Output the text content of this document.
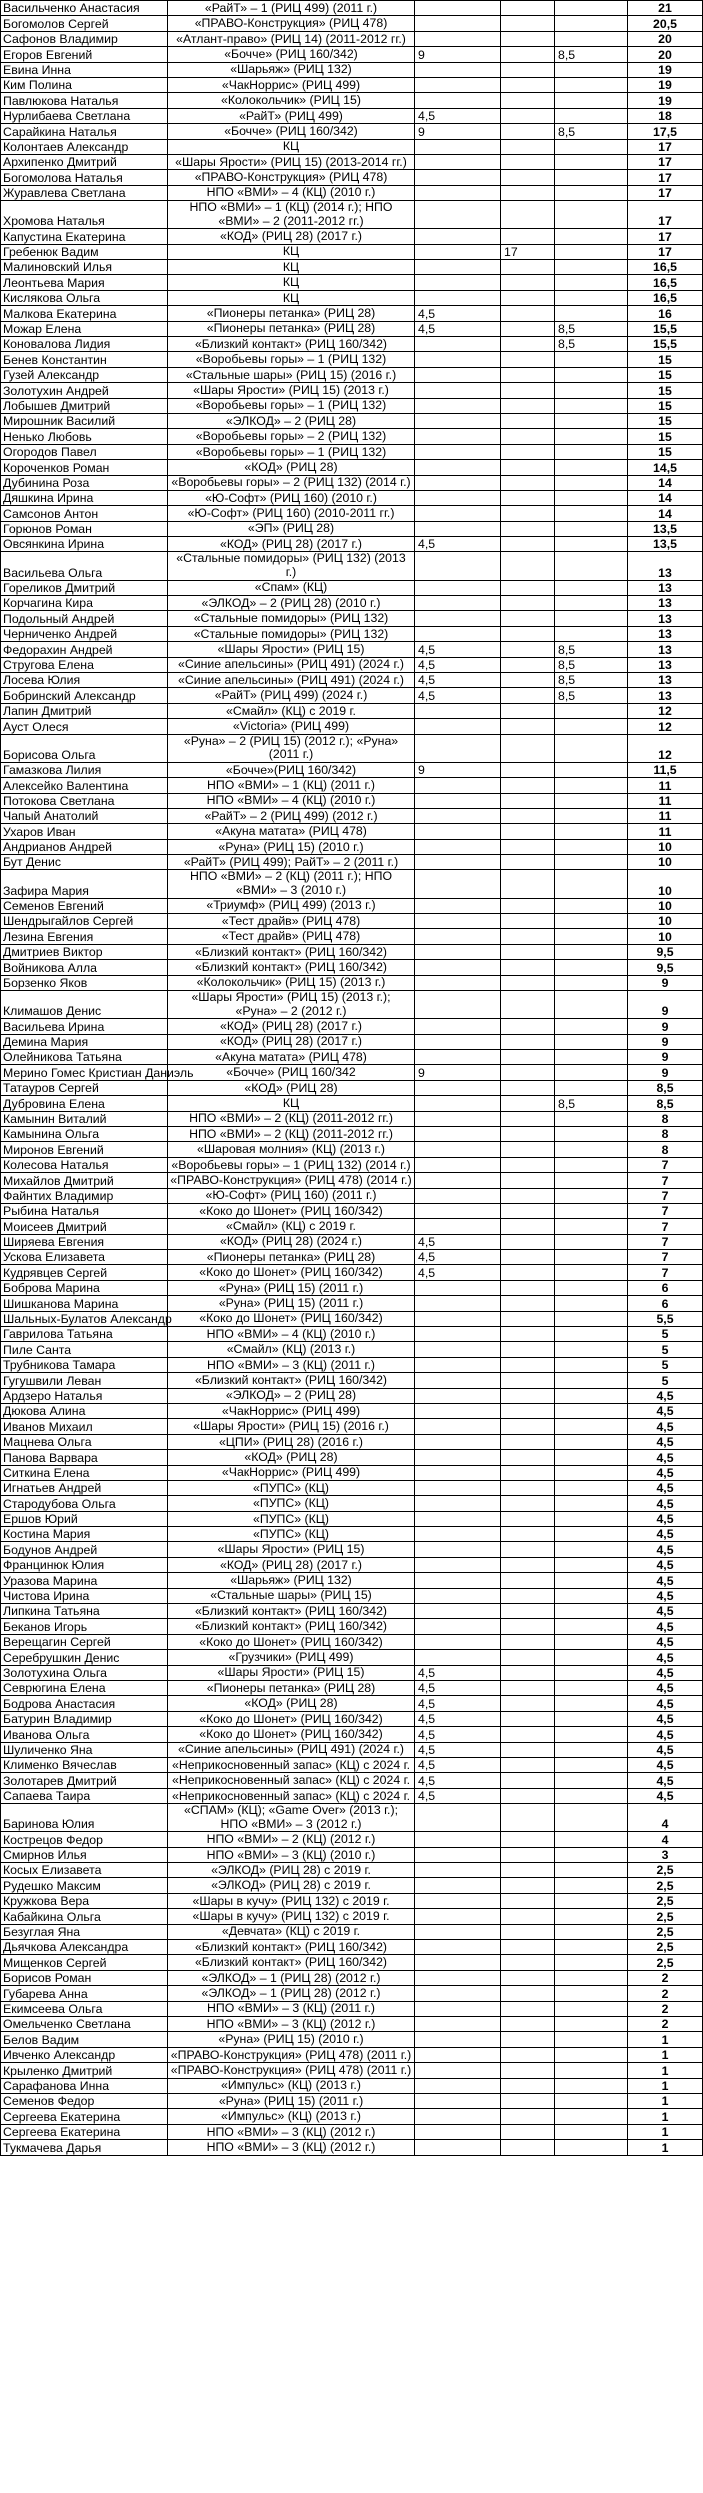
Васильченко Анастасия	«РайТ» – 1 (РИЦ 499) (2011 г.)				21
Богомолов Сергей	«ПРАВО-Конструкция» (РИЦ 478)				20,5
Сафонов Владимир	«Атлант-право» (РИЦ 14) (2011-2012 гг.)				20
Егоров Евгений	«Бочче» (РИЦ 160/342)	9		8,5	20
Евина Инна	«Шарьяж» (РИЦ 132)				19
Ким Полина	«ЧакНоррис» (РИЦ 499)				19
Павлюкова Наталья	«Колокольчик» (РИЦ 15)				19
Нурлибаева Светлана	«РайТ» (РИЦ 499)	4,5			18
Сарайкина Наталья	«Бочче» (РИЦ 160/342)	9		8,5	17,5
Колонтаев Александр	КЦ				17
Архипенко Дмитрий	«Шары Ярости» (РИЦ 15) (2013-2014 гг.)				17
Богомолова Наталья	«ПРАВО-Конструкция» (РИЦ 478)				17
Журавлева Светлана	НПО «ВМИ» – 4 (КЦ) (2010 г.)				17
Хромова Наталья	НПО «ВМИ» – 1 (КЦ) (2014 г.); НПО «ВМИ» – 2 (2011-2012 гг.)				17
Капустина Екатерина	«КОД» (РИЦ 28) (2017 г.)				17
Гребенюк Вадим	КЦ		17		17
Малиновский Илья	КЦ				16,5
Леонтьева Мария	КЦ				16,5
Кислякова Ольга	КЦ				16,5
Малкова Екатерина	«Пионеры петанка» (РИЦ 28)	4,5			16
Можар Елена	«Пионеры петанка» (РИЦ 28)	4,5		8,5	15,5
Коновалова Лидия	«Близкий контакт» (РИЦ 160/342)			8,5	15,5
Бенев Константин	«Воробьевы горы» – 1 (РИЦ 132)				15
Гузей Александр	«Стальные шары» (РИЦ 15) (2016 г.)				15
Золотухин Андрей	«Шары Ярости» (РИЦ 15) (2013 г.)				15
Лобышев Дмитрий	«Воробьевы горы» – 1 (РИЦ 132)				15
Мирошник Василий	«ЭЛКОД» – 2 (РИЦ 28)				15
Ненько Любовь	«Воробьевы горы» – 2 (РИЦ 132)				15
Огородов Павел	«Воробьевы горы» – 1 (РИЦ 132)				15
Короченков Роман	«КОД» (РИЦ 28)				14,5
Дубинина Роза	«Воробьевы горы» – 2 (РИЦ 132) (2014 г.)				14
Дяшкина Ирина	«Ю-Софт» (РИЦ 160) (2010 г.)				14
Самсонов Антон	«Ю-Софт» (РИЦ 160) (2010-2011 гг.)				14
Горюнов Роман	«ЭП» (РИЦ 28)				13,5
Овсянкина Ирина	«КОД» (РИЦ 28) (2017 г.)	4,5			13,5
Васильева Ольга	«Стальные помидоры» (РИЦ 132) (2013 г.)				13
Гореликов Дмитрий	«Спам» (КЦ)				13
Корчагина Кира	«ЭЛКОД» – 2 (РИЦ 28) (2010 г.)				13
Подольный Андрей	«Стальные помидоры» (РИЦ 132)				13
Черниченко Андрей	«Стальные помидоры» (РИЦ 132)				13
Федорахин Андрей	«Шары Ярости» (РИЦ 15)	4,5		8,5	13
Стругова Елена	«Синие апельсины» (РИЦ 491) (2024 г.)	4,5		8,5	13
Лосева Юлия	«Синие апельсины» (РИЦ 491) (2024 г.)	4,5		8,5	13
Бобринский Александр	«РайТ» (РИЦ 499) (2024 г.)	4,5		8,5	13
Лапин Дмитрий	«Смайл» (КЦ) с 2019 г.				12
Ауст Олеся	«Victoria» (РИЦ 499)				12
Борисова Ольга	«Руна» – 2 (РИЦ 15) (2012 г.); «Руна» (2011 г.)				12
Гамазкова Лилия	«Бочче»(РИЦ 160/342)	9			11,5
Алексейко Валентина	НПО «ВМИ» – 1 (КЦ) (2011 г.)				11
Потокова Светлана	НПО «ВМИ» – 4 (КЦ) (2010 г.)				11
Чапый Анатолий	«РайТ» – 2 (РИЦ 499) (2012 г.)				11
Ухаров Иван	«Акуна матата» (РИЦ 478)				11
Андрианов Андрей	«Руна» (РИЦ 15) (2010 г.)				10
Бут Денис	«РайТ» (РИЦ 499); РайТ» – 2 (2011 г.)				10
Зафира Мария	НПО «ВМИ» – 2 (КЦ) (2011 г.); НПО «ВМИ» – 3 (2010 г.)				10
Семенов Евгений	«Триумф» (РИЦ 499) (2013 г.)				10
Шендрыгайлов Сергей	«Тест драйв» (РИЦ 478)				10
Лезина Евгения	«Тест драйв» (РИЦ 478)				10
Дмитриев Виктор	«Близкий контакт» (РИЦ 160/342)				9,5
Войникова Алла	«Близкий контакт» (РИЦ 160/342)				9,5
Борзенко Яков	«Колокольчик» (РИЦ 15) (2013 г.)				9
Климашов Денис	«Шары Ярости» (РИЦ 15) (2013 г.); «Руна» – 2 (2012 г.)				9
Васильева Ирина	«КОД» (РИЦ 28) (2017 г.)				9
Демина Мария	«КОД» (РИЦ 28) (2017 г.)				9
Олейникова Татьяна	«Акуна матата» (РИЦ 478)				9
Мерино Гомес Кристиан Даниэль	«Бочче» (РИЦ 160/342	9			9
Татауров Сергей	«КОД» (РИЦ 28)				8,5
Дубровина Елена	КЦ			8,5	8,5
Камынин Виталий	НПО «ВМИ» – 2 (КЦ) (2011-2012 гг.)				8
Камынина Ольга	НПО «ВМИ» – 2 (КЦ) (2011-2012 гг.)				8
Миронов Евгений	«Шаровая молния» (КЦ) (2013 г.)				8
Колесова Наталья	«Воробьевы горы» – 1 (РИЦ 132) (2014 г.)				7
Михайлов Дмитрий	«ПРАВО-Конструкция» (РИЦ 478) (2014 г.)				7
Файнтих Владимир	«Ю-Софт» (РИЦ 160) (2011 г.)				7
Рыбина Наталья	«Коко до Шонет» (РИЦ 160/342)				7
Моисеев Дмитрий	«Смайл» (КЦ) с 2019 г.				7
Ширяева Евгения	«КОД» (РИЦ 28) (2024 г.)	4,5			7
Ускова Елизавета	«Пионеры петанка» (РИЦ 28)	4,5			7
Кудрявцев Сергей	«Коко до Шонет» (РИЦ 160/342)	4,5			7
Боброва Марина	«Руна» (РИЦ 15) (2011 г.)				6
Шишканова Марина	«Руна» (РИЦ 15) (2011 г.)				6
Шальных-Булатов Александр	«Коко до Шонет» (РИЦ 160/342)				5,5
Гаврилова Татьяна	НПО «ВМИ» – 4 (КЦ) (2010 г.)				5
Пиле Санта	«Смайл» (КЦ) (2013 г.)				5
Трубникова Тамара	НПО «ВМИ» – 3 (КЦ) (2011 г.)				5
Гугушвили Леван	«Близкий контакт» (РИЦ 160/342)				5
Ардзеро Наталья	«ЭЛКОД» – 2 (РИЦ 28)				4,5
Дюкова Алина	«ЧакНоррис» (РИЦ 499)				4,5
Иванов Михаил	«Шары Ярости» (РИЦ 15) (2016 г.)				4,5
Мацнева Ольга	«ЦПИ» (РИЦ 28) (2016 г.)				4,5
Панова Варвара	«КОД» (РИЦ 28)				4,5
Ситкина Елена	«ЧакНоррис» (РИЦ 499)				4,5
Игнатьев Андрей	«ПУПС» (КЦ)				4,5
Стародубова Ольга	«ПУПС» (КЦ)				4,5
Ершов Юрий	«ПУПС» (КЦ)				4,5
Костина Мария	«ПУПС» (КЦ)				4,5
Бодунов Андрей	«Шары Ярости» (РИЦ 15)				4,5
Францинюк Юлия	«КОД» (РИЦ 28) (2017 г.)				4,5
Уразова Марина	«Шарьяж» (РИЦ 132)				4,5
Чистова Ирина	«Стальные шары» (РИЦ 15)				4,5
Липкина Татьяна	«Близкий контакт» (РИЦ 160/342)				4,5
Беканов Игорь	«Близкий контакт» (РИЦ 160/342)				4,5
Верещагин Сергей	«Коко до Шонет» (РИЦ 160/342)				4,5
Серебрушкин Денис	«Грузчики» (РИЦ 499)				4,5
Золотухина Ольга	«Шары Ярости» (РИЦ 15)	4,5			4,5
Севрюгина Елена	«Пионеры петанка» (РИЦ 28)	4,5			4,5
Бодрова Анастасия	«КОД» (РИЦ 28)	4,5			4,5
Батурин Владимир	«Коко до Шонет» (РИЦ 160/342)	4,5			4,5
Иванова Ольга	«Коко до Шонет» (РИЦ 160/342)	4,5			4,5
Шуличенко Яна	«Синие апельсины» (РИЦ 491) (2024 г.)	4,5			4,5
Клименко Вячеслав	«Неприкосновенный запас» (КЦ) с 2024 г.	4,5			4,5
Золотарев Дмитрий	«Неприкосновенный запас» (КЦ) с 2024 г.	4,5			4,5
Сапаева Таира	«Неприкосновенный запас» (КЦ) с 2024 г.	4,5			4,5
Баринова Юлия	«СПАМ» (КЦ); «Game Over» (2013 г.); НПО «ВМИ» – 3 (2012 г.)				4
Кострецов Федор	НПО «ВМИ» – 2 (КЦ) (2012 г.)				4
Смирнов Илья	НПО «ВМИ» – 3 (КЦ) (2010 г.)				3
Косых Елизавета	«ЭЛКОД» (РИЦ 28) с 2019 г.				2,5
Рудешко Максим	«ЭЛКОД» (РИЦ 28) с 2019 г.				2,5
Кружкова Вера	«Шары в кучу» (РИЦ 132) с 2019 г.				2,5
Кабайкина Ольга	«Шары в кучу» (РИЦ 132) с 2019 г.				2,5
Безуглая Яна	«Девчата» (КЦ) с 2019 г.				2,5
Дьячкова Александра	«Близкий контакт» (РИЦ 160/342)				2,5
Мищенков Сергей	«Близкий контакт» (РИЦ 160/342)				2,5
Борисов Роман	«ЭЛКОД» – 1 (РИЦ 28) (2012 г.)				2
Губарева Анна	«ЭЛКОД» – 1 (РИЦ 28) (2012 г.)				2
Екимсеева Ольга	НПО «ВМИ» – 3 (КЦ) (2011 г.)				2
Омельченко Светлана	НПО «ВМИ» – 3 (КЦ) (2012 г.)				2
Белов Вадим	«Руна» (РИЦ 15) (2010 г.)				1
Ивченко Александр	«ПРАВО-Конструкция» (РИЦ 478) (2011 г.)				1
Крыленко Дмитрий	«ПРАВО-Конструкция» (РИЦ 478) (2011 г.)				1
Сарафанова Инна	«Импульс» (КЦ) (2013 г.)				1
Семенов Федор	«Руна» (РИЦ 15) (2011 г.)				1
Сергеева Екатерина	«Импульс» (КЦ) (2013 г.)				1
Сергеева Екатерина	НПО «ВМИ» – 3 (КЦ) (2012 г.)				1
Тукмачева Дарья	НПО «ВМИ» – 3 (КЦ) (2012 г.)				1
